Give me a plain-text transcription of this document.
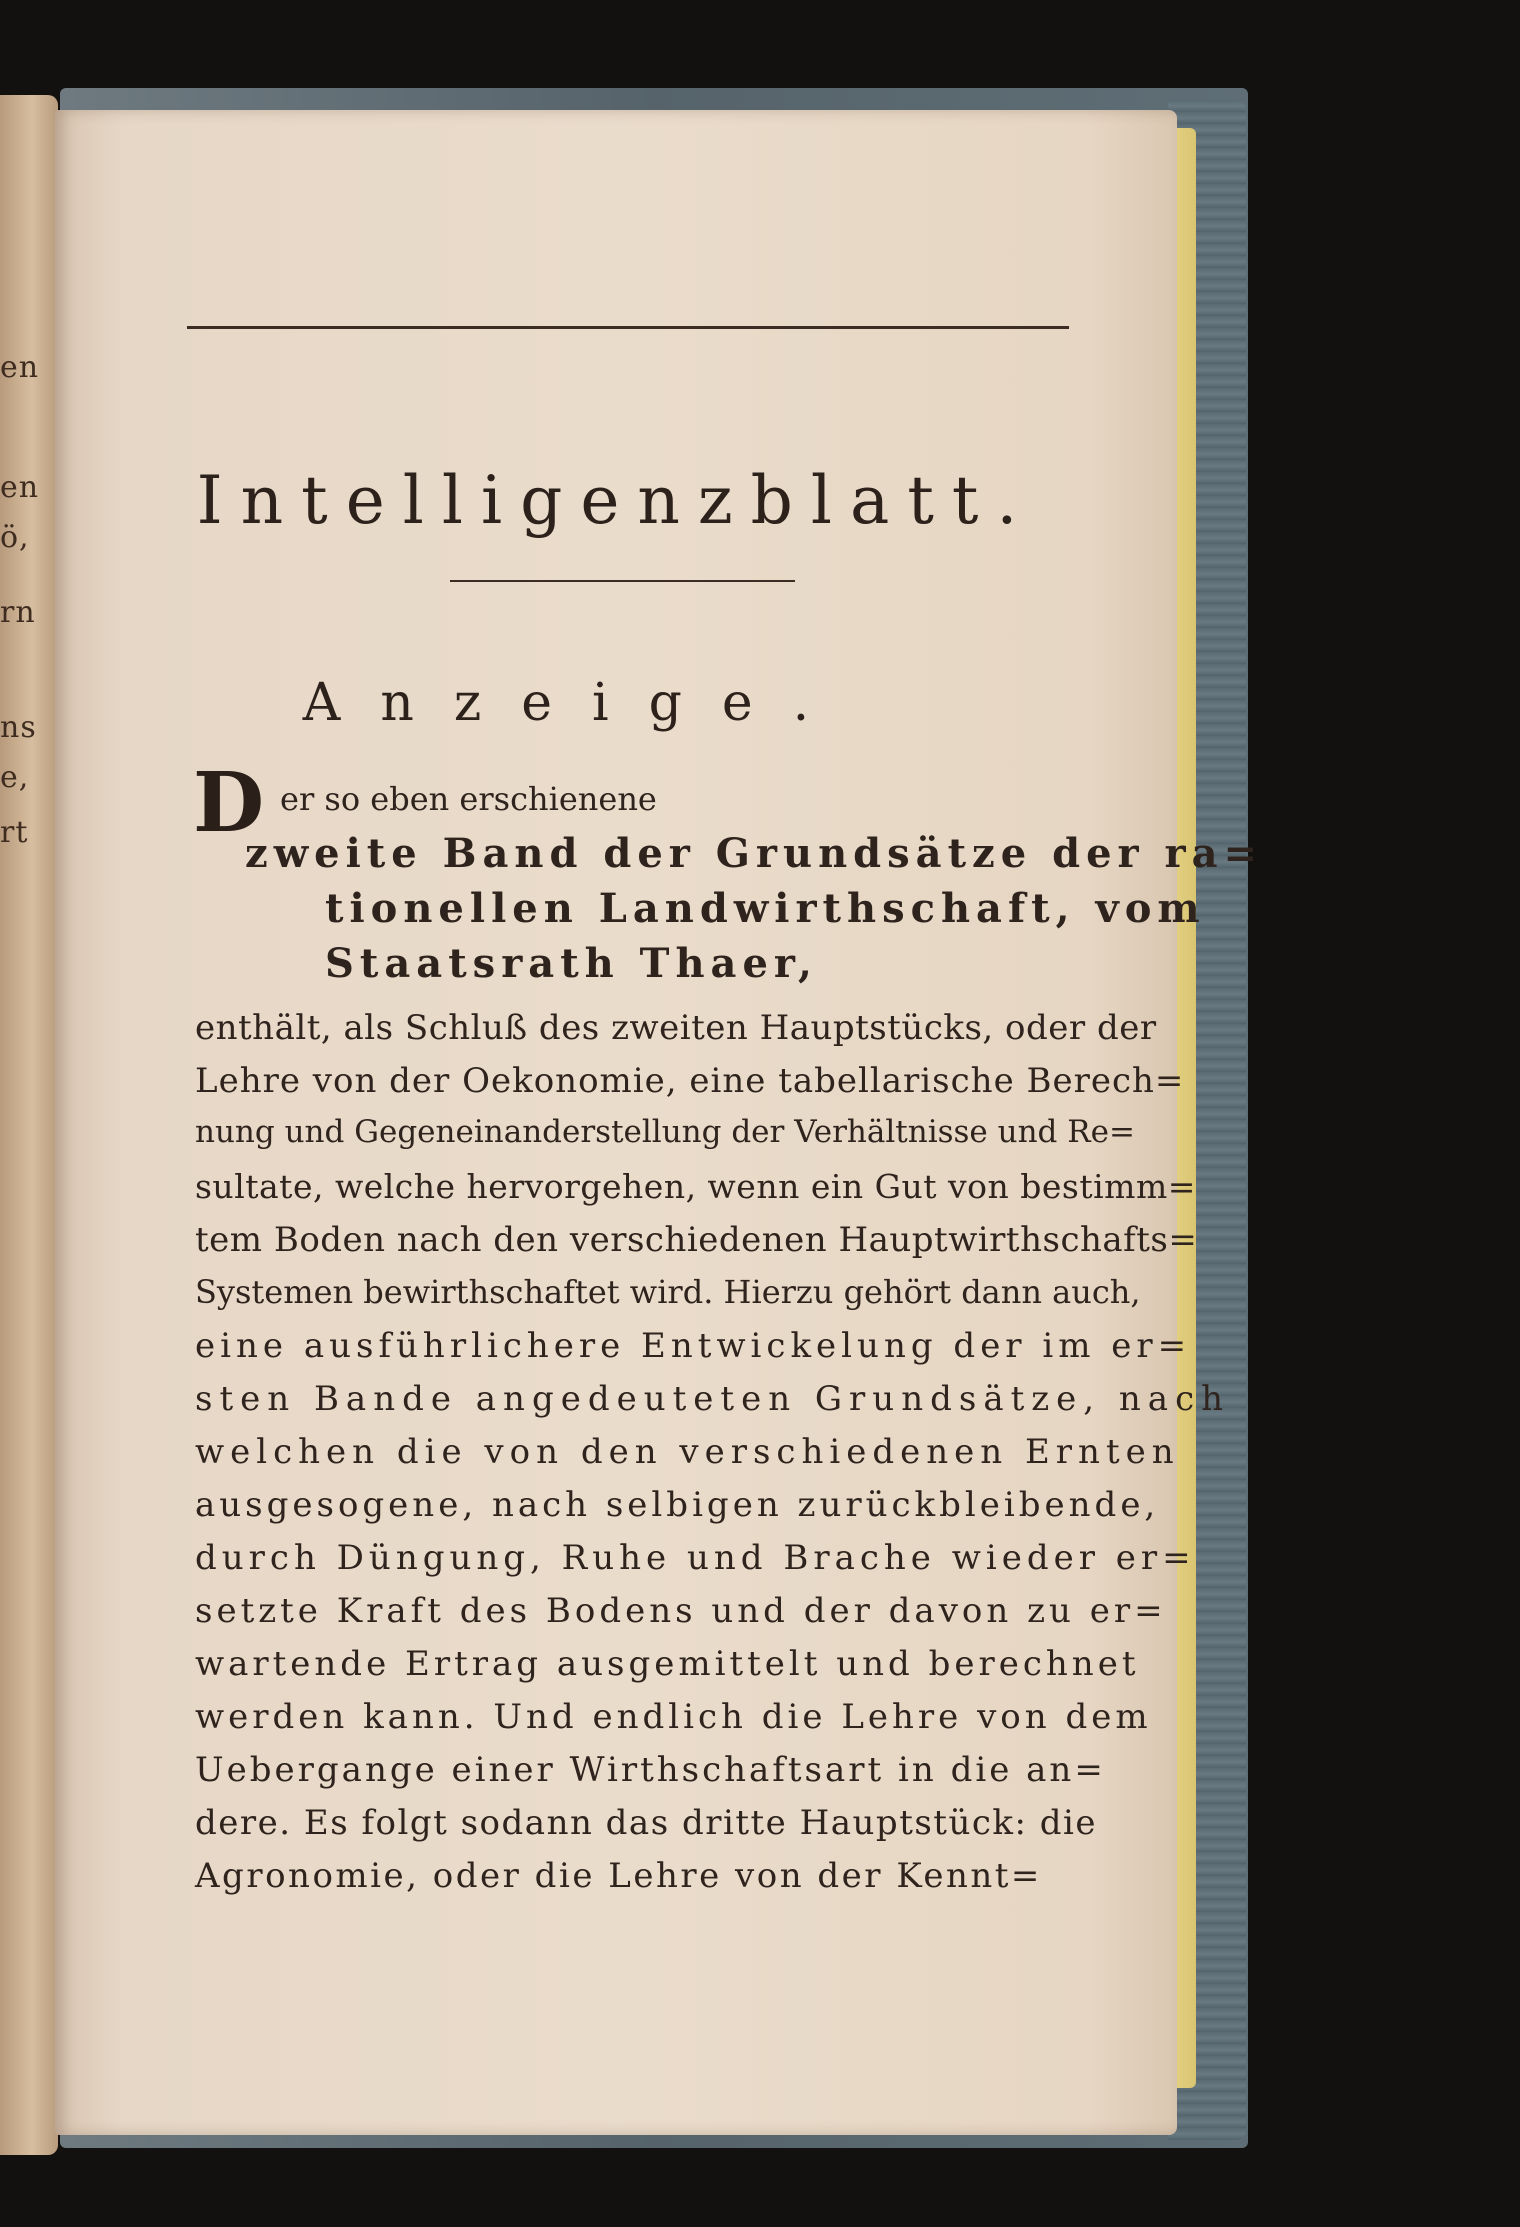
en
en
ö,
rn
ns
e,
rt
Intelligenzblatt.
Anzeige.
D er so eben erschienene
zweite Band der Grundsätze der ra=
tionellen Landwirthschaft, vom
Staatsrath Thaer,
enthält, als Schluß des zweiten Hauptstücks, oder der
Lehre von der Oekonomie, eine tabellarische Berech=
nung und Gegeneinanderstellung der Verhältnisse und Re=
sultate, welche hervorgehen, wenn ein Gut von bestimm=
tem Boden nach den verschiedenen Hauptwirthschafts=
Systemen bewirthschaftet wird. Hierzu gehört dann auch,
eine ausführlichere Entwickelung der im er=
sten Bande angedeuteten Grundsätze, nach
welchen die von den verschiedenen Ernten
ausgesogene, nach selbigen zurückbleibende,
durch Düngung, Ruhe und Brache wieder er=
setzte Kraft des Bodens und der davon zu er=
wartende Ertrag ausgemittelt und berechnet
werden kann. Und endlich die Lehre von dem
Uebergange einer Wirthschaftsart in die an=
dere. Es folgt sodann das dritte Hauptstück: die
Agronomie, oder die Lehre von der Kennt=
